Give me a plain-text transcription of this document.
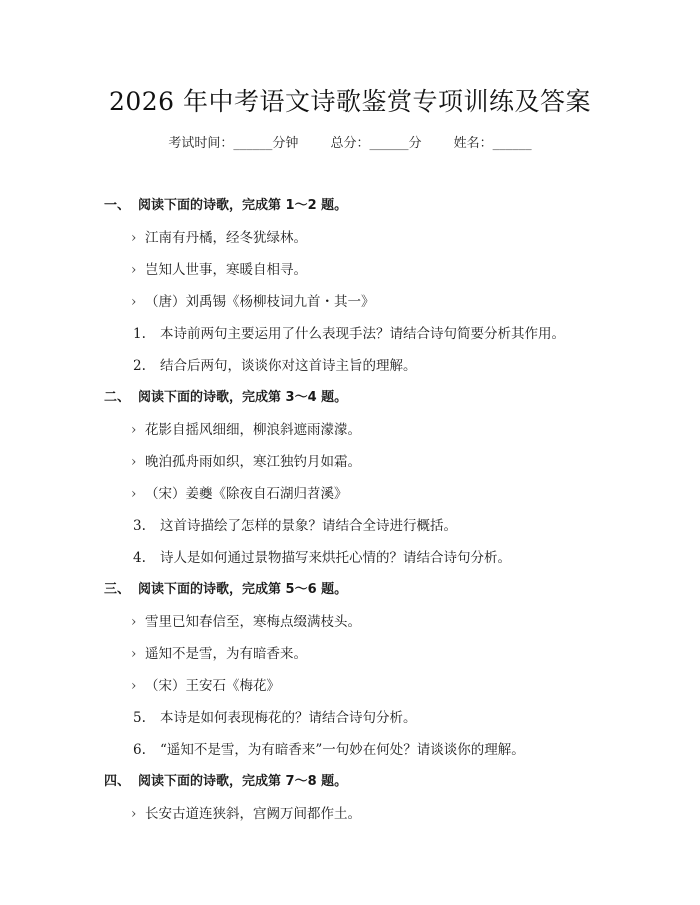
2026 年中考语文诗歌鉴赏专项训练及答案
考试时间：______分钟 总分：______分 姓名：______
一、 阅读下面的诗歌，完成第 1～2 题。
› 江南有丹橘，经冬犹绿林。
› 岂知人世事，寒暖自相寻。
› （唐）刘禹锡《杨柳枝词九首・其一》
1. 本诗前两句主要运用了什么表现手法？请结合诗句简要分析其作用。
2. 结合后两句，谈谈你对这首诗主旨的理解。
二、 阅读下面的诗歌，完成第 3～4 题。
› 花影自摇风细细，柳浪斜遮雨濛濛。
› 晚泊孤舟雨如织，寒江独钓月如霜。
› （宋）姜夔《除夜自石湖归苕溪》
3. 这首诗描绘了怎样的景象？请结合全诗进行概括。
4. 诗人是如何通过景物描写来烘托心情的？请结合诗句分析。
三、 阅读下面的诗歌，完成第 5～6 题。
› 雪里已知春信至，寒梅点缀满枝头。
› 遥知不是雪，为有暗香来。
› （宋）王安石《梅花》
5. 本诗是如何表现梅花的？请结合诗句分析。
6. “遥知不是雪，为有暗香来”一句妙在何处？请谈谈你的理解。
四、 阅读下面的诗歌，完成第 7～8 题。
› 长安古道连狭斜，宫阙万间都作土。
